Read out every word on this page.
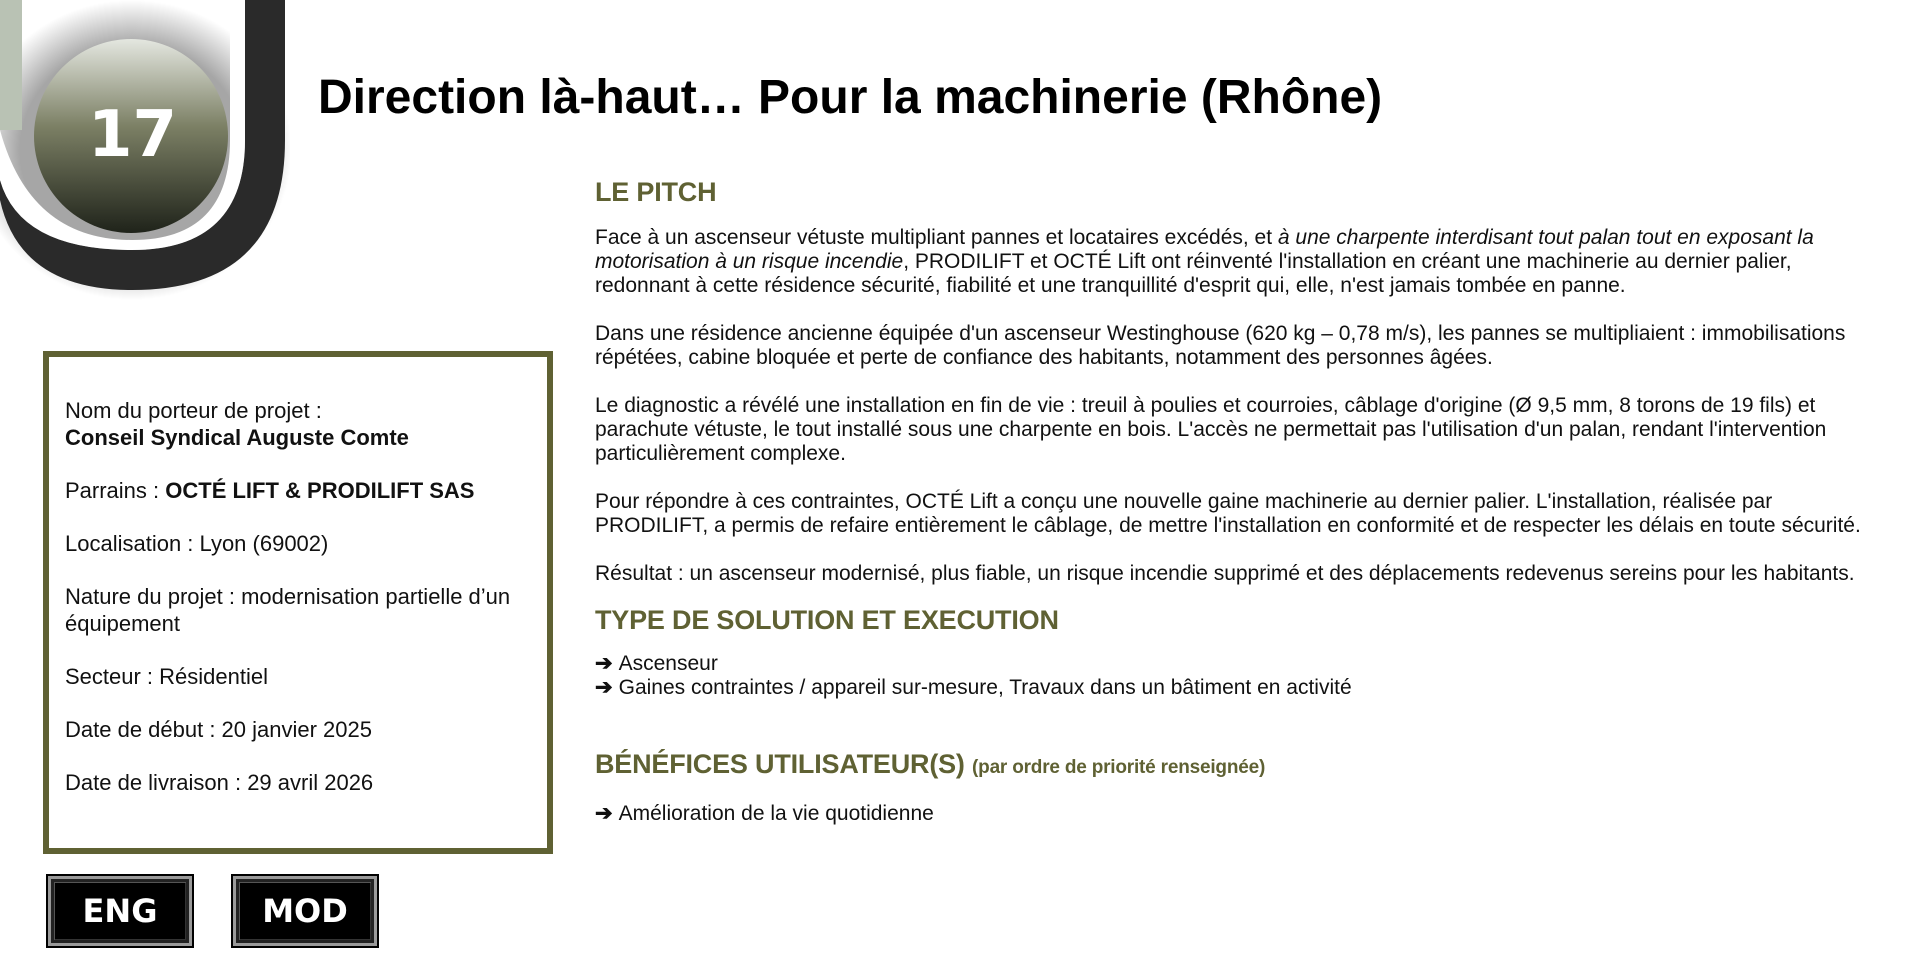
17
Direction là-haut… Pour la machinerie (Rhône)

Nom du porteur de projet :
Conseil Syndical Auguste Comte

Parrains : OCTÉ LIFT & PRODILIFT SAS

Localisation : Lyon (69002)

Nature du projet : modernisation partielle d’un équipement

Secteur : Résidentiel

Date de début : 20 janvier 2025

Date de livraison : 29 avril 2026

ENG	MOD
LE PITCH

Face à un ascenseur vétuste multipliant pannes et locataires excédés, et à une charpente interdisant tout palan tout en exposant la motorisation à un risque incendie, PRODILIFT et OCTÉ Lift ont réinventé l'installation en créant une machinerie au dernier palier, redonnant à cette résidence sécurité, fiabilité et une tranquillité d'esprit qui, elle, n'est jamais tombée en panne.

Dans une résidence ancienne équipée d'un ascenseur Westinghouse (620 kg – 0,78 m/s), les pannes se multipliaient : immobilisations répétées, cabine bloquée et perte de confiance des habitants, notamment des personnes âgées.

Le diagnostic a révélé une installation en fin de vie : treuil à poulies et courroies, câblage d'origine (Ø 9,5 mm, 8 torons de 19 fils) et parachute vétuste, le tout installé sous une charpente en bois. L'accès ne permettait pas l'utilisation d'un palan, rendant l'intervention particulièrement complexe.

Pour répondre à ces contraintes, OCTÉ Lift a conçu une nouvelle gaine machinerie au dernier palier. L'installation, réalisée par PRODILIFT, a permis de refaire entièrement le câblage, de mettre l'installation en conformité et de respecter les délais en toute sécurité.

Résultat : un ascenseur modernisé, plus fiable, un risque incendie supprimé et des déplacements redevenus sereins pour les habitants.

TYPE DE SOLUTION ET EXECUTION

➔ Ascenseur

➔ Gaines contraintes / appareil sur-mesure, Travaux dans un bâtiment en activité

BÉNÉFICES UTILISATEUR(S) (par ordre de priorité renseignée)

➔ Amélioration de la vie quotidienne
